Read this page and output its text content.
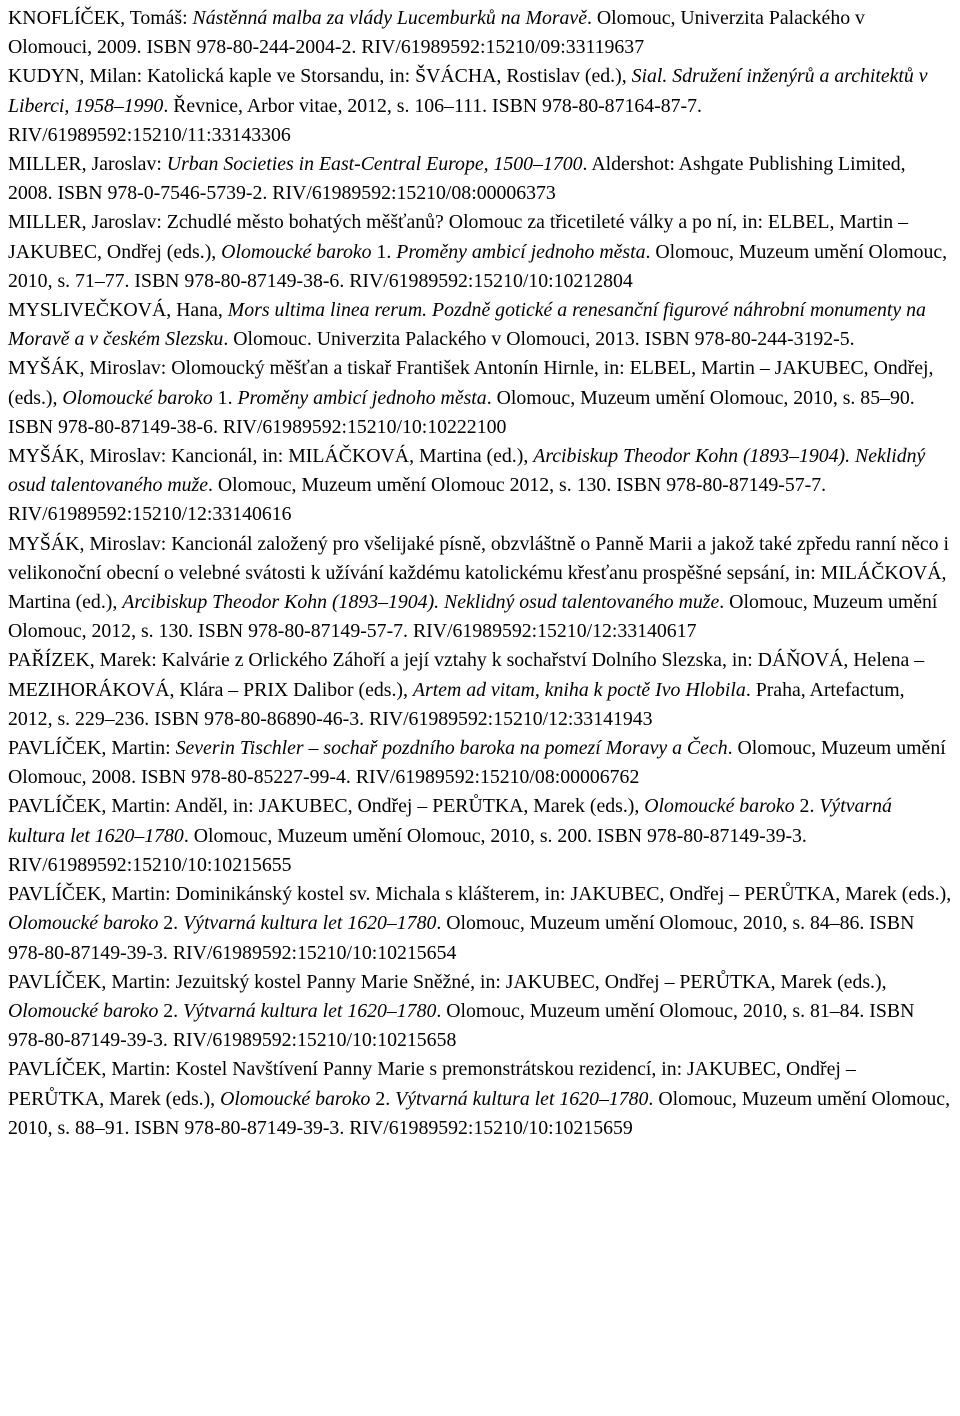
KNOFLÍČEK, Tomáš: Nástěnná malba za vlády Lucemburků na Moravě. Olomouc, Univerzita Palackého v Olomouci, 2009. ISBN 978-80-244-2004-2. RIV/61989592:15210/09:33119637

KUDYN, Milan: Katolická kaple ve Storsandu, in: ŠVÁCHA, Rostislav (ed.), Sial. Sdružení inženýrů a architektů v Liberci, 1958–1990. Řevnice, Arbor vitae, 2012, s. 106–111. ISBN 978-80-87164-87-7. RIV/61989592:15210/11:33143306

MILLER, Jaroslav: Urban Societies in East-Central Europe, 1500–1700. Aldershot: Ashgate Publishing Limited, 2008. ISBN 978-0-7546-5739-2. RIV/61989592:15210/08:00006373

MILLER, Jaroslav: Zchudlé město bohatých měšťanů? Olomouc za třicetileté války a po ní, in: ELBEL, Martin – JAKUBEC, Ondřej (eds.), Olomoucké baroko 1. Proměny ambicí jednoho města. Olomouc, Muzeum umění Olomouc, 2010, s. 71–77. ISBN 978-80-87149-38-6. RIV/61989592:15210/10:10212804

MYSLIVEČKOVÁ, Hana, Mors ultima linea rerum. Pozdně gotické a renesanční figurové náhrobní monumenty na Moravě a v českém Slezsku. Olomouc. Univerzita Palackého v Olomouci, 2013. ISBN 978-80-244-3192-5.

MYŠÁK, Miroslav: Olomoucký měšťan a tiskař František Antonín Hirnle, in: ELBEL, Martin – JAKUBEC, Ondřej, (eds.), Olomoucké baroko 1. Proměny ambicí jednoho města. Olomouc, Muzeum umění Olomouc, 2010, s. 85–90. ISBN 978-80-87149-38-6. RIV/61989592:15210/10:10222100

MYŠÁK, Miroslav: Kancionál, in: MILÁČKOVÁ, Martina (ed.), Arcibiskup Theodor Kohn (1893–1904). Neklidný osud talentovaného muže. Olomouc, Muzeum umění Olomouc 2012, s. 130. ISBN 978-80-87149-57-7. RIV/61989592:15210/12:33140616

MYŠÁK, Miroslav: Kancionál založený pro všelijaké písně, obzvláštně o Panně Marii a jakož také zpředu ranní něco i velikonoční obecní o velebné svátosti k užívání každému katolickému křesťanu prospěšné sepsání, in: MILÁČKOVÁ, Martina (ed.), Arcibiskup Theodor Kohn (1893–1904). Neklidný osud talentovaného muže. Olomouc, Muzeum umění Olomouc, 2012, s. 130. ISBN 978-80-87149-57-7. RIV/61989592:15210/12:33140617

PAŘÍZEK, Marek: Kalvárie z Orlického Záhoří a její vztahy k sochařství Dolního Slezska, in: DÁŇOVÁ, Helena – MEZIHORÁKOVÁ, Klára – PRIX Dalibor (eds.), Artem ad vitam, kniha k poctě Ivo Hlobila. Praha, Artefactum, 2012, s. 229–236. ISBN 978-80-86890-46-3. RIV/61989592:15210/12:33141943

PAVLÍČEK, Martin: Severin Tischler – sochař pozdního baroka na pomezí Moravy a Čech. Olomouc, Muzeum umění Olomouc, 2008. ISBN 978-80-85227-99-4. RIV/61989592:15210/08:00006762

PAVLÍČEK, Martin: Anděl, in: JAKUBEC, Ondřej – PERŮTKA, Marek (eds.), Olomoucké baroko 2. Výtvarná kultura let 1620–1780. Olomouc, Muzeum umění Olomouc, 2010, s. 200. ISBN 978-80-87149-39-3. RIV/61989592:15210/10:10215655

PAVLÍČEK, Martin: Dominikánský kostel sv. Michala s klášterem, in: JAKUBEC, Ondřej – PERŮTKA, Marek (eds.), Olomoucké baroko 2. Výtvarná kultura let 1620–1780. Olomouc, Muzeum umění Olomouc, 2010, s. 84–86. ISBN 978-80-87149-39-3. RIV/61989592:15210/10:10215654

PAVLÍČEK, Martin: Jezuitský kostel Panny Marie Sněžné, in: JAKUBEC, Ondřej – PERŮTKA, Marek (eds.), Olomoucké baroko 2. Výtvarná kultura let 1620–1780. Olomouc, Muzeum umění Olomouc, 2010, s. 81–84. ISBN 978-80-87149-39-3. RIV/61989592:15210/10:10215658

PAVLÍČEK, Martin: Kostel Navštívení Panny Marie s premonstrátskou rezidencí, in: JAKUBEC, Ondřej – PERŮTKA, Marek (eds.), Olomoucké baroko 2. Výtvarná kultura let 1620–1780. Olomouc, Muzeum umění Olomouc, 2010, s. 88–91. ISBN 978-80-87149-39-3. RIV/61989592:15210/10:10215659
